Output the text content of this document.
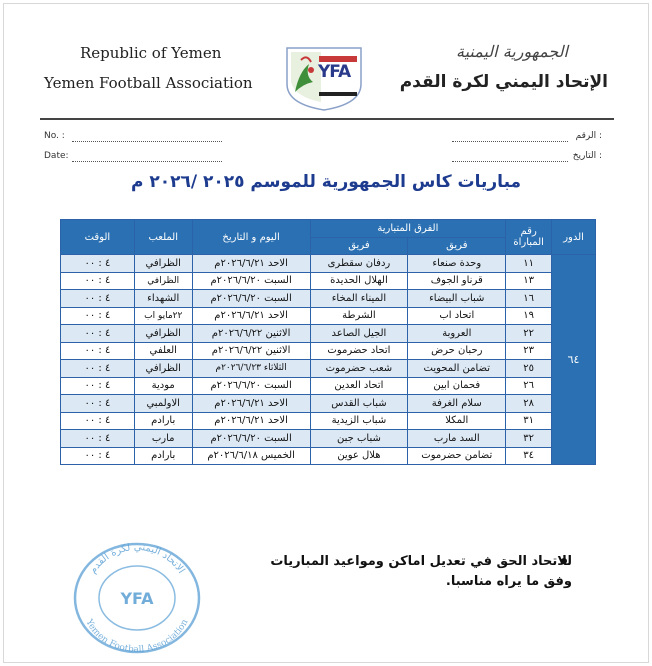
Republic of Yemen
Yemen Football Association
الجمهورية اليمنية
الإتحاد اليمني لكرة القدم
YFA
No. :
Date:
: الرقم
: التاريخ
مباريات كاس الجمهورية للموسم ٢٠٢٥ /٢٠٢٦ م
الدور	رقم المباراة	الفرق المتبارية		اليوم و التاريخ	الملعب	الوقت
		فريق	فريق			
٦٤	١١	وحدة صنعاء	ردفان سقطرى	الاحد ٢٠٢٦/٦/٢١م	الظرافي	٤ : ٠٠
	١٣	قرناو الجوف	الهلال الحديدة	السبت ٢٠٢٦/٦/٢٠م	الظرافي	٤ : ٠٠
	١٦	شباب البيضاء	الميناء المخاء	السبت ٢٠٢٦/٦/٢٠م	الشهداء	٤ : ٠٠
	١٩	اتحاد اب	الشرطة	الاحد ٢٠٢٦/٦/٢١م	٢٢مايو اب	٤ : ٠٠
	٢٢	العروبة	الجيل الصاعد	الاثنين ٢٠٢٦/٦/٢٢م	الظرافي	٤ : ٠٠
	٢٣	رحبان حرض	اتحاد حضرموت	الاثنين ٢٠٢٦/٦/٢٢م	العلفي	٤ : ٠٠
	٢٥	تضامن المحويت	شعب حضرموت	الثلاثاء ٢٠٢٦/٦/٢٣م	الظرافي	٤ : ٠٠
	٢٦	فحمان ابين	اتحاد العدين	السبت ٢٠٢٦/٦/٢٠م	مودية	٤ : ٠٠
	٢٨	سلام الغرفة	شباب القدس	الاحد ٢٠٢٦/٦/٢١م	الاولمبي	٤ : ٠٠
	٣١	المكلا	شباب الزيدية	الاحد ٢٠٢٦/٦/٢١م	بارادم	٤ : ٠٠
	٣٢	السد مارب	شباب جبن	السبت ٢٠٢٦/٦/٢٠م	مارب	٤ : ٠٠
	٣٤	تضامن حضرموت	هلال عوين	الخميس ٢٠٢٦/٦/١٨م	بارادم	٤ : ٠٠
الاتحاد اليمني لكرة القدم
Yemen Football Association
YFA
للاتحاد الحق في تعديل اماكن ومواعيد المباريات وفق ما يراه مناسبا.
